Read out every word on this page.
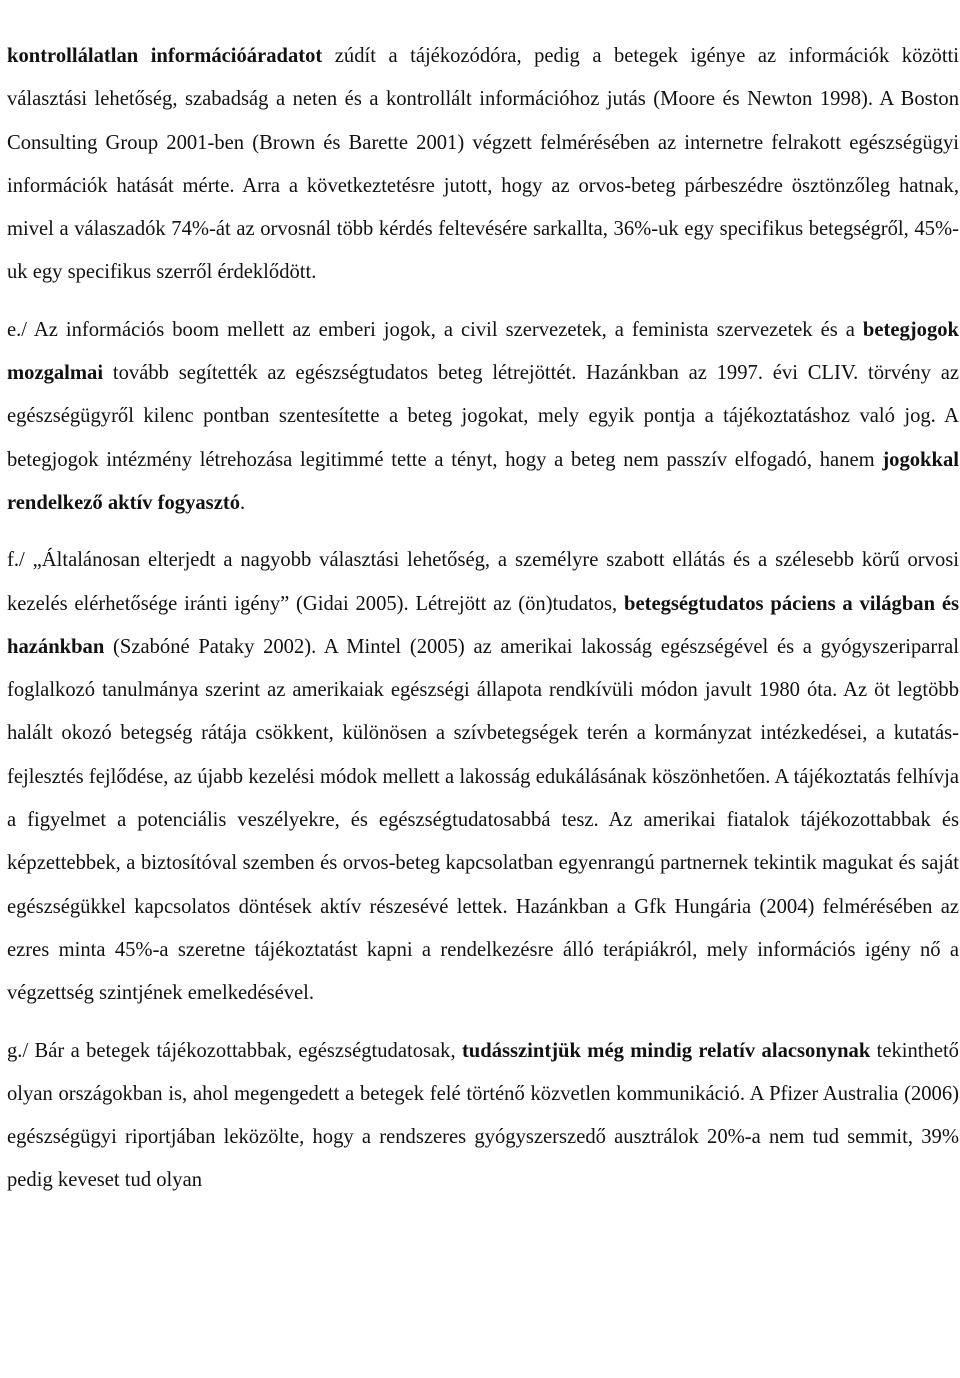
kontrollálatlan információáradatot zúdít a tájékozódóra, pedig a betegek igénye az információk közötti választási lehetőség, szabadság a neten és a kontrollált információhoz jutás (Moore és Newton 1998). A Boston Consulting Group 2001-ben (Brown és Barette 2001) végzett felmérésében az internetre felrakott egészségügyi információk hatását mérte. Arra a következtetésre jutott, hogy az orvos-beteg párbeszédre ösztönzőleg hatnak, mivel a válaszadók 74%-át az orvosnál több kérdés feltevésére sarkallta, 36%-uk egy specifikus betegségről, 45%-uk egy specifikus szerről érdeklődött.

e./ Az információs boom mellett az emberi jogok, a civil szervezetek, a feminista szervezetek és a betegjogok mozgalmai tovább segítették az egészségtudatos beteg létrejöttét. Hazánkban az 1997. évi CLIV. törvény az egészségügyről kilenc pontban szentesítette a beteg jogokat, mely egyik pontja a tájékoztatáshoz való jog. A betegjogok intézmény létrehozása legitimmé tette a tényt, hogy a beteg nem passzív elfogadó, hanem jogokkal rendelkező aktív fogyasztó.

f./ „Általánosan elterjedt a nagyobb választási lehetőség, a személyre szabott ellátás és a szélesebb körű orvosi kezelés elérhetősége iránti igény” (Gidai 2005). Létrejött az (ön)tudatos, betegségtudatos páciens a világban és hazánkban (Szabóné Pataky 2002). A Mintel (2005) az amerikai lakosság egészségével és a gyógyszeriparral foglalkozó tanulmánya szerint az amerikaiak egészségi állapota rendkívüli módon javult 1980 óta. Az öt legtöbb halált okozó betegség rátája csökkent, különösen a szívbetegségek terén a kormányzat intézkedései, a kutatás-fejlesztés fejlődése, az újabb kezelési módok mellett a lakosság edukálásának köszönhetően. A tájékoztatás felhívja a figyelmet a potenciális veszélyekre, és egészségtudatosabbá tesz. Az amerikai fiatalok tájékozottabbak és képzettebbek, a biztosítóval szemben és orvos-beteg kapcsolatban egyenrangú partnernek tekintik magukat és saját egészségükkel kapcsolatos döntések aktív részesévé lettek. Hazánkban a Gfk Hungária (2004) felmérésében az ezres minta 45%-a szeretne tájékoztatást kapni a rendelkezésre álló terápiákról, mely információs igény nő a végzettség szintjének emelkedésével.

g./ Bár a betegek tájékozottabbak, egészségtudatosak, tudásszintjük még mindig relatív alacsonynak tekinthető olyan országokban is, ahol megengedett a betegek felé történő közvetlen kommunikáció. A Pfizer Australia (2006) egészségügyi riportjában leközölte, hogy a rendszeres gyógyszerszedő ausztrálok 20%-a nem tud semmit, 39% pedig keveset tud olyan
